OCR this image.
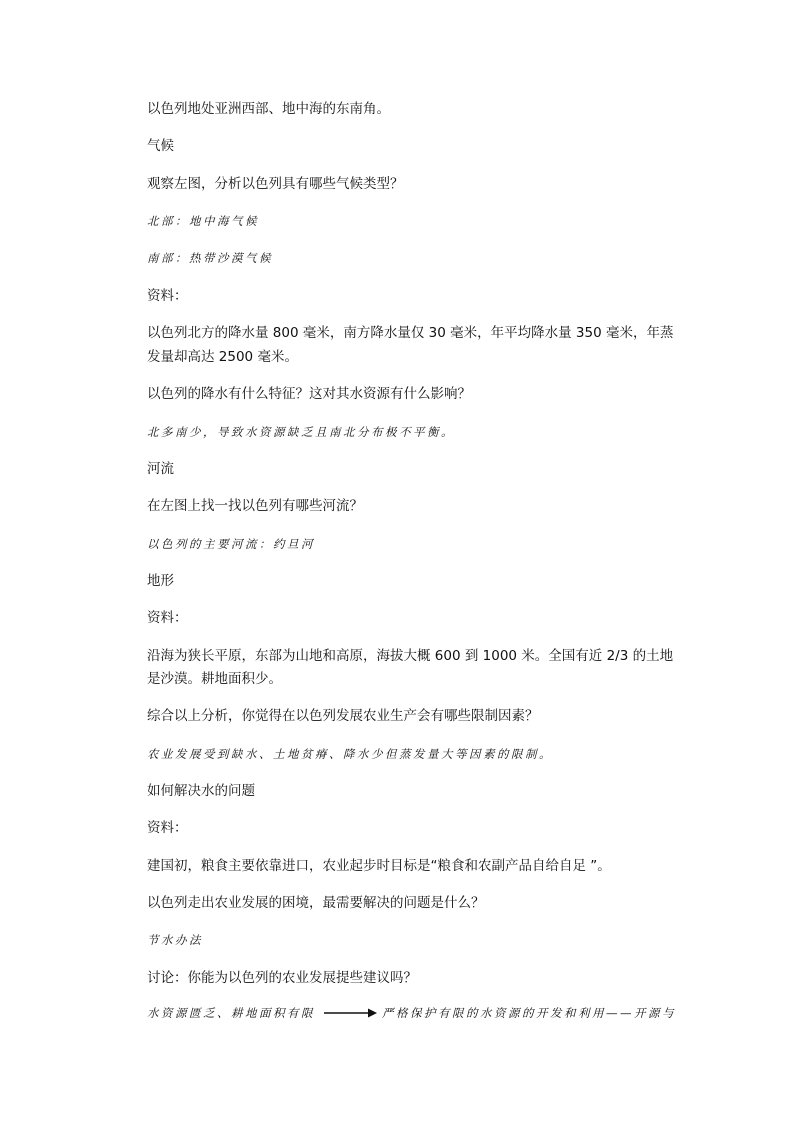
以色列地处亚洲西部、地中海的东南角。
气候
观察左图，分析以色列具有哪些气候类型？
北部：地中海气候
南部：热带沙漠气候
资料：
以色列北方的降水量 800 毫米，南方降水量仅 30 毫米，年平均降水量 350 毫米，年蒸
发量却高达 2500 毫米。
以色列的降水有什么特征？这对其水资源有什么影响？
北多南少，导致水资源缺乏且南北分布极不平衡。
河流
在左图上找一找以色列有哪些河流？
以色列的主要河流：约旦河
地形
资料：
沿海为狭长平原，东部为山地和高原，海拔大概 600 到 1000 米。全国有近 2/3 的土地
是沙漠。耕地面积少。
综合以上分析，你觉得在以色列发展农业生产会有哪些限制因素？
农业发展受到缺水、土地贫瘠、降水少但蒸发量大等因素的限制。
如何解决水的问题
资料：
建国初，粮食主要依靠进口，农业起步时目标是“粮食和农副产品自给自足 ”。
以色列走出农业发展的困境，最需要解决的问题是什么？
节水办法
讨论：你能为以色列的农业发展提些建议吗？
水资源匮乏、耕地面积有限	严格保护有限的水资源的开发和利用——开源与
